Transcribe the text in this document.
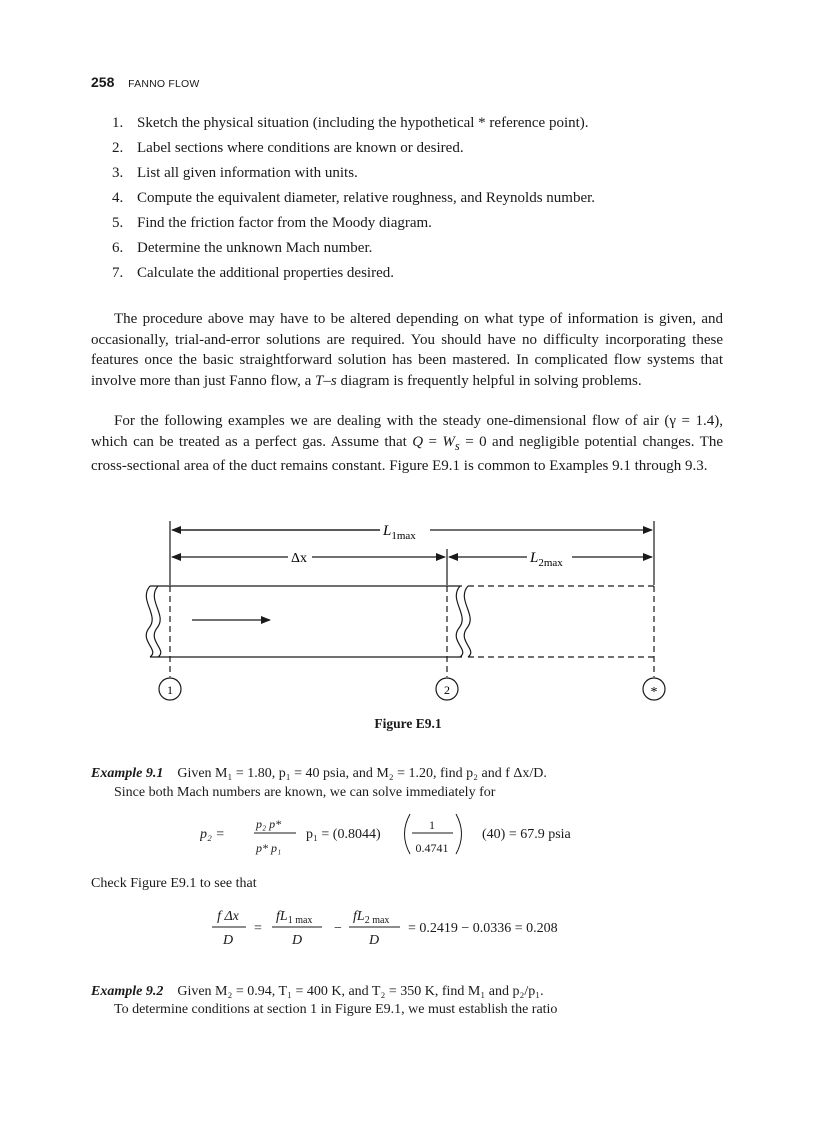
258 FANNO FLOW
1. Sketch the physical situation (including the hypothetical * reference point).
2. Label sections where conditions are known or desired.
3. List all given information with units.
4. Compute the equivalent diameter, relative roughness, and Reynolds number.
5. Find the friction factor from the Moody diagram.
6. Determine the unknown Mach number.
7. Calculate the additional properties desired.

The procedure above may have to be altered depending on what type of information is given, and occasionally, trial-and-error solutions are required. You should have no difficulty incorporating these features once the basic straightforward solution has been mastered. In complicated flow systems that involve more than just Fanno flow, a T–s diagram is frequently helpful in solving problems.

For the following examples we are dealing with the steady one-dimensional flow of air (γ = 1.4), which can be treated as a perfect gas. Assume that $Q = W_s = 0$ and negligible potential changes. The cross-sectional area of the duct remains constant. Figure E9.1 is common to Examples 9.1 through 9.3.

$L_{1max}$
Δx	$L_{2max}$
1	2	*
Figure E9.1
Example 9.1 Given M₁ = 1.80, p₁ = 40 psia, and M₂ = 1.20, find p₂ and f Δx/D.
Since both Mach numbers are known, we can solve immediately for
p₂ =
p₂ p*
p* p₁
p₁ = (0.8044)
1
0.4741
(40) = 67.9 psia
Check Figure E9.1 to see that
f Δx
D
=
$fL_{1 max}$
D
−
$fL_{2 max}$
D
= 0.2419 − 0.0336 = 0.208
Example 9.2 Given M₂ = 0.94, T₁ = 400 K, and T₂ = 350 K, find M₁ and p₂/p₁.
To determine conditions at section 1 in Figure E9.1, we must establish the ratio
